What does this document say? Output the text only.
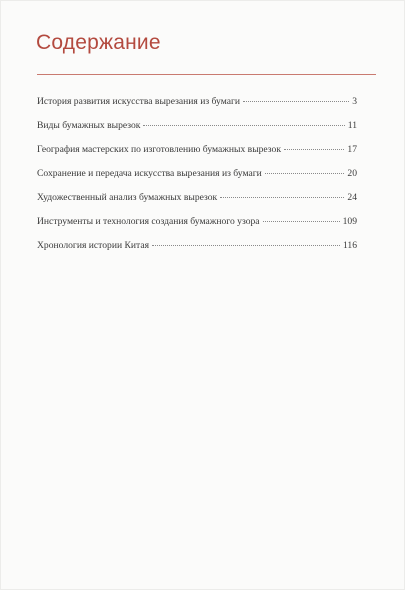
Содержание
История развития искусства вырезания из бумаги	3
Виды бумажных вырезок	11
География мастерских по изготовлению бумажных вырезок	17
Сохранение и передача искусства вырезания из бумаги	20
Художественный анализ бумажных вырезок	24
Инструменты и технология создания бумажного узора	109
Хронология истории Китая	116
